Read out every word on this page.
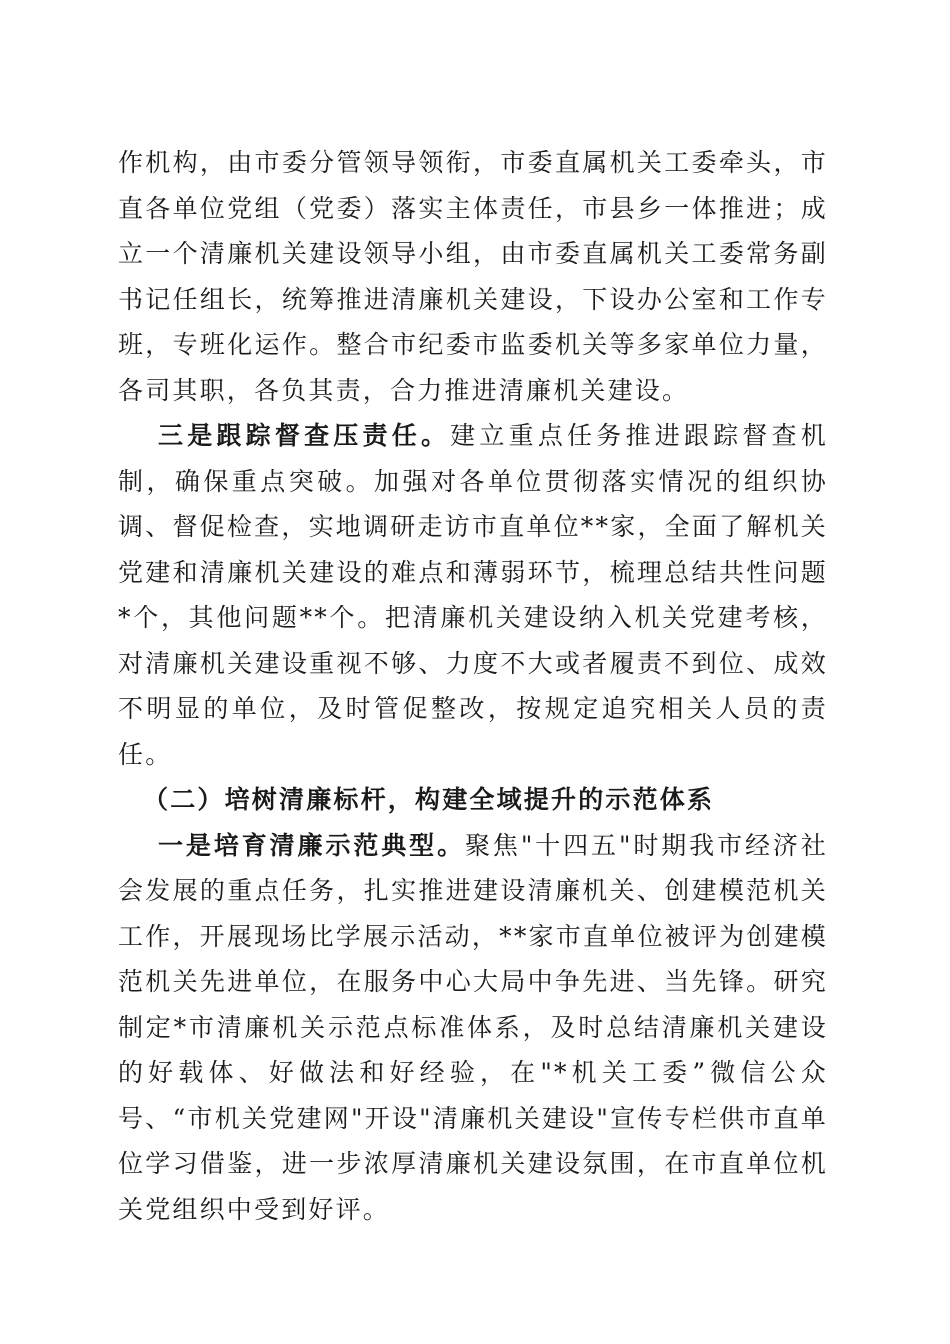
作机构，由市委分管领导领衔，市委直属机关工委牵头，市直各单位党组（党委）落实主体责任，市县乡一体推进；成立一个清廉机关建设领导小组，由市委直属机关工委常务副书记任组长，统筹推进清廉机关建设，下设办公室和工作专班，专班化运作。整合市纪委市监委机关等多家单位力量，各司其职，各负其责，合力推进清廉机关建设。

三是跟踪督查压责任。建立重点任务推进跟踪督查机制，确保重点突破。加强对各单位贯彻落实情况的组织协调、督促检查，实地调研走访市直单位**家，全面了解机关党建和清廉机关建设的难点和薄弱环节，梳理总结共性问题*个，其他问题**个。把清廉机关建设纳入机关党建考核，对清廉机关建设重视不够、力度不大或者履责不到位、成效不明显的单位，及时管促整改，按规定追究相关人员的责任。

（二）培树清廉标杆，构建全域提升的示范体系

一是培育清廉示范典型。聚焦"十四五"时期我市经济社会发展的重点任务，扎实推进建设清廉机关、创建模范机关工作，开展现场比学展示活动，**家市直单位被评为创建模范机关先进单位，在服务中心大局中争先进、当先锋。研究制定*市清廉机关示范点标准体系，及时总结清廉机关建设的好载体、好做法和好经验，在"*机关工委”微信公众号、“市机关党建网"开设"清廉机关建设"宣传专栏供市直单位学习借鉴，进一步浓厚清廉机关建设氛围，在市直单位机关党组织中受到好评。
